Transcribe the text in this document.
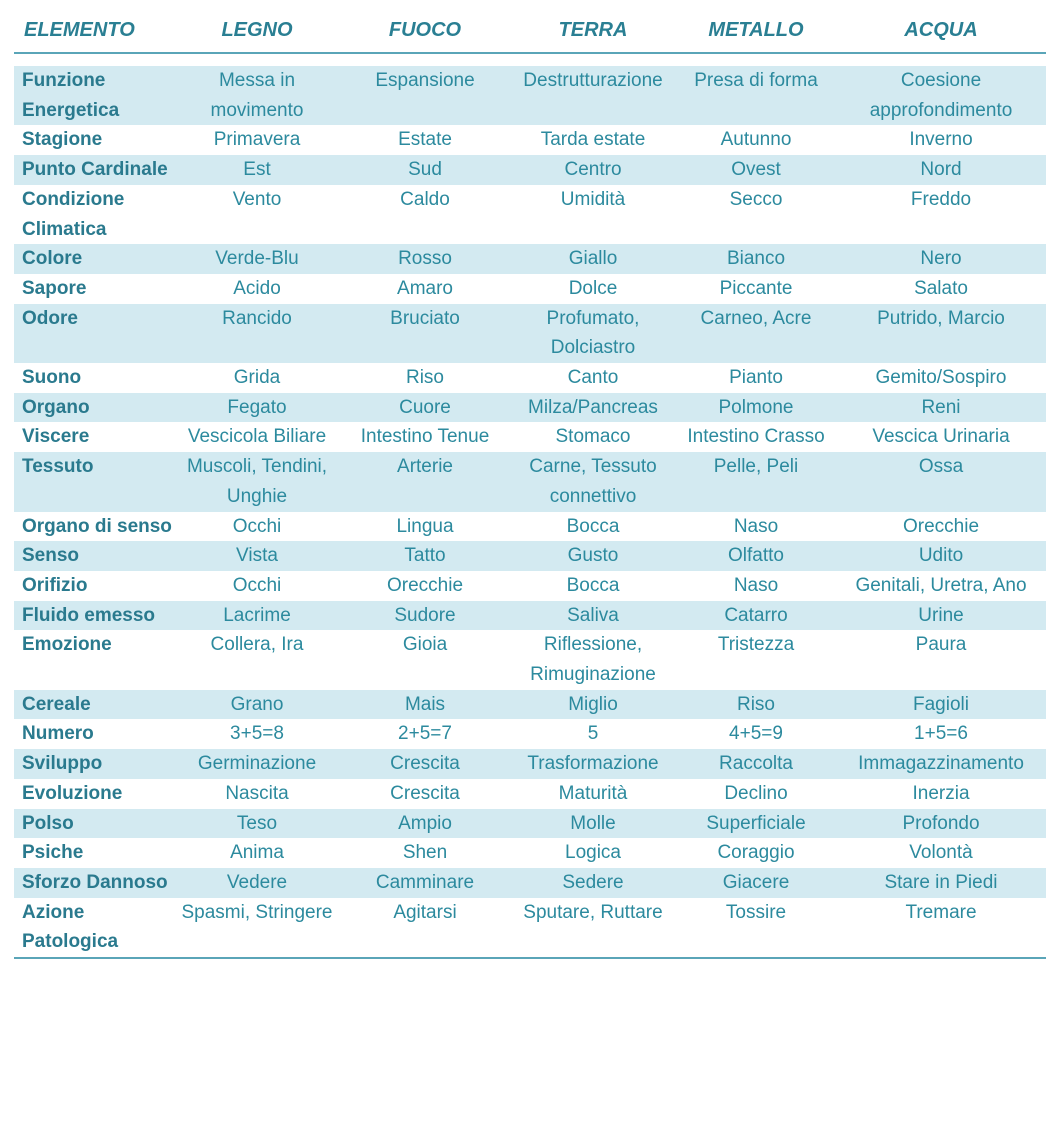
ELEMENTO	LEGNO	FUOCO	TERRA	METALLO	ACQUA

Funzione Energetica	Messa in movimento	Espansione	Destrutturazione	Presa di forma	Coesione approfondimento
Stagione	Primavera	Estate	Tarda estate	Autunno	Inverno
Punto Cardinale	Est	Sud	Centro	Ovest	Nord
Condizione Climatica	Vento	Caldo	Umidità	Secco	Freddo
Colore	Verde-Blu	Rosso	Giallo	Bianco	Nero
Sapore	Acido	Amaro	Dolce	Piccante	Salato
Odore	Rancido	Bruciato	Profumato, Dolciastro	Carneo, Acre	Putrido, Marcio
Suono	Grida	Riso	Canto	Pianto	Gemito/Sospiro
Organo	Fegato	Cuore	Milza/Pancreas	Polmone	Reni
Viscere	Vescicola Biliare	Intestino Tenue	Stomaco	Intestino Crasso	Vescica Urinaria
Tessuto	Muscoli, Tendini, Unghie	Arterie	Carne, Tessuto connettivo	Pelle, Peli	Ossa
Organo di senso	Occhi	Lingua	Bocca	Naso	Orecchie
Senso	Vista	Tatto	Gusto	Olfatto	Udito
Orifizio	Occhi	Orecchie	Bocca	Naso	Genitali, Uretra, Ano
Fluido emesso	Lacrime	Sudore	Saliva	Catarro	Urine
Emozione	Collera, Ira	Gioia	Riflessione, Rimuginazione	Tristezza	Paura
Cereale	Grano	Mais	Miglio	Riso	Fagioli
Numero	3+5=8	2+5=7	5	4+5=9	1+5=6
Sviluppo	Germinazione	Crescita	Trasformazione	Raccolta	Immagazzinamento
Evoluzione	Nascita	Crescita	Maturità	Declino	Inerzia
Polso	Teso	Ampio	Molle	Superficiale	Profondo
Psiche	Anima	Shen	Logica	Coraggio	Volontà
Sforzo Dannoso	Vedere	Camminare	Sedere	Giacere	Stare in Piedi
Azione Patologica	Spasmi, Stringere	Agitarsi	Sputare, Ruttare	Tossire	Tremare
